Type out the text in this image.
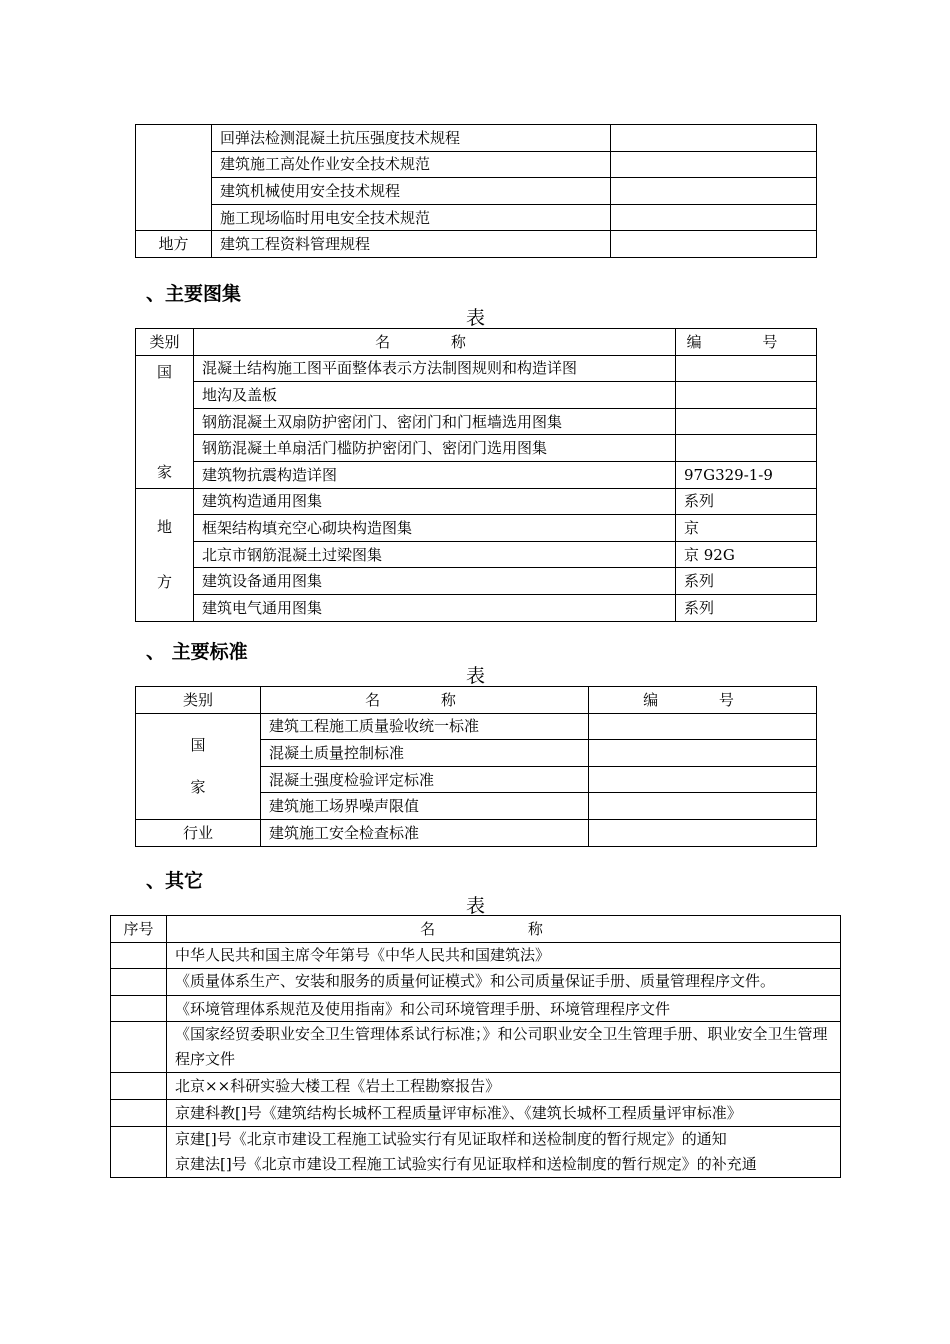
	回弹法检测混凝土抗压强度技术规程	
	建筑施工高处作业安全技术规范	
	建筑机械使用安全技术规程	
	施工现场临时用电安全技术规范	
地方	建筑工程资料管理规程	
、主要图集
表
类别	名 称	编 号

国
家	混凝土结构施工图平面整体表示方法制图规则和构造详图	
	地沟及盖板	
	钢筋混凝土双扇防护密闭门、密闭门和门框墙选用图集	
	钢筋混凝土单扇活门槛防护密闭门、密闭门选用图集	
	建筑物抗震构造详图	97G329-1-9

地
方	建筑构造通用图集	系列
	框架结构填充空心砌块构造图集	京
	北京市钢筋混凝土过梁图集	京 92G
	建筑设备通用图集	系列
	建筑电气通用图集	系列
、 主要标准
表
类别	名 称	编 号

国
家	建筑工程施工质量验收统一标准	
	混凝土质量控制标准	
	混凝土强度检验评定标准	
	建筑施工场界噪声限值	
行业	建筑施工安全检查标准	
、其它
表
序号	名 称
	中华人民共和国主席令年第号《中华人民共和国建筑法》
	《质量体系生产、安装和服务的质量何证模式》和公司质量保证手册、质量管理程序文件。
	《环境管理体系规范及使用指南》和公司环境管理手册、环境管理程序文件
	《国家经贸委职业安全卫生管理体系试行标准；》和公司职业安全卫生管理手册、职业安全卫生管理程序文件
	北京××科研实验大楼工程《岩土工程勘察报告》
	京建科教[]号《建筑结构长城杯工程质量评审标准》、《建筑长城杯工程质量评审标准》

	京建[]号《北京市建设工程施工试验实行有见证取样和送检制度的暂行规定》的通知
京建法[]号《北京市建设工程施工试验实行有见证取样和送检制度的暂行规定》的补充通
